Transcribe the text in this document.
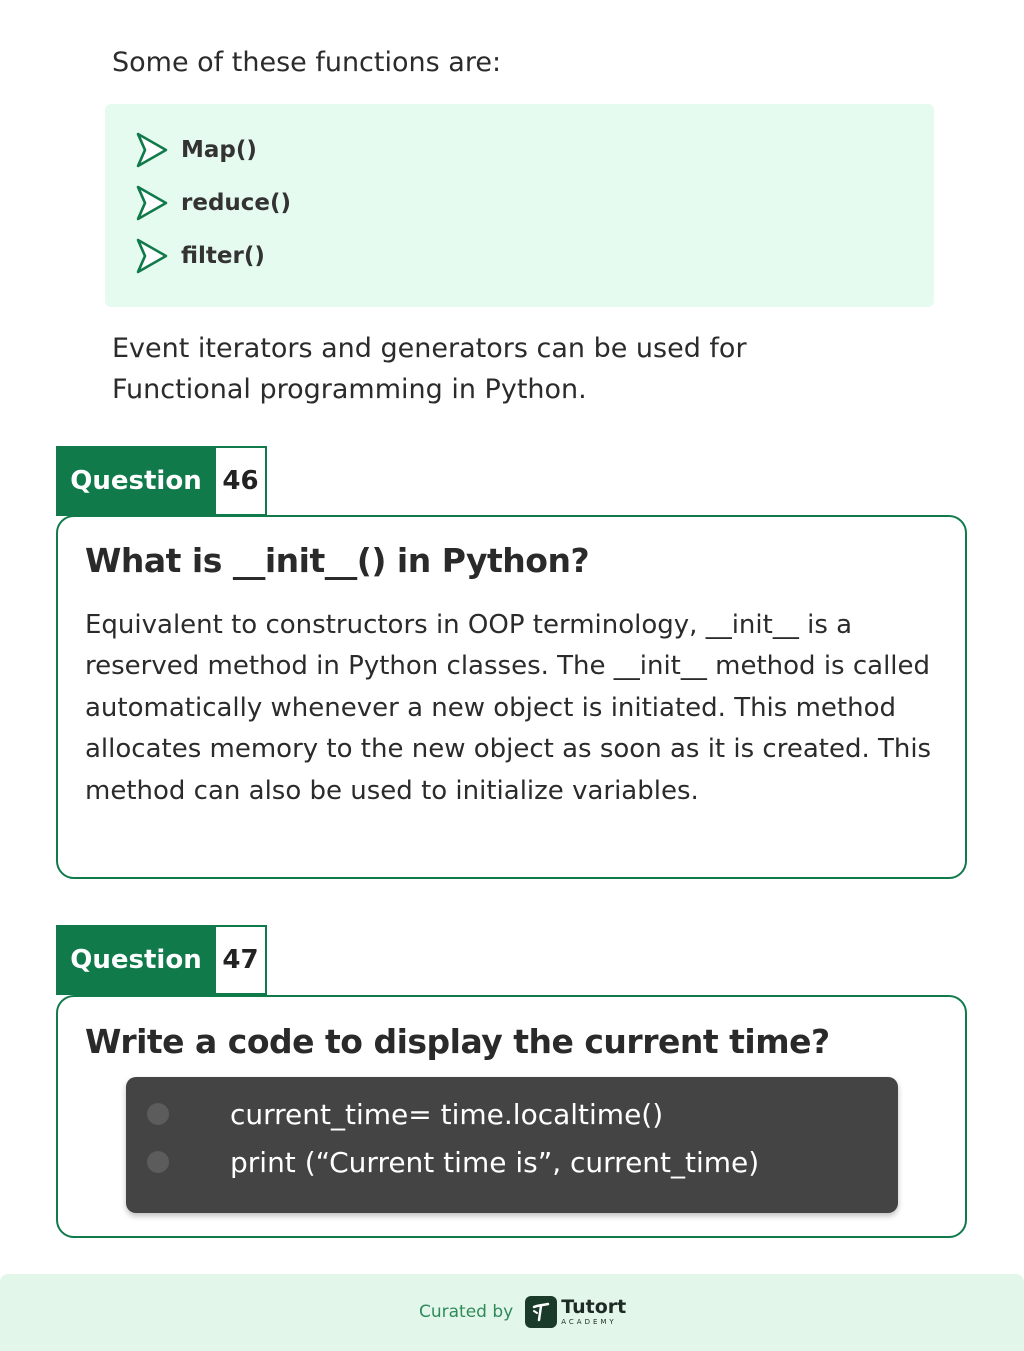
Some of these functions are:

Map()
reduce()
filter()
Event iterators and generators can be used for
Functional programming in Python.
Question 46
What is __init__() in Python?

Equivalent to constructors in OOP terminology, __init__ is a reserved method in Python classes. The __init__ method is called automatically whenever a new object is initiated. This method allocates memory to the new object as soon as it is created. This method can also be used to initialize variables.

Question 47
Write a code to display the current time?
current_time= time.localtime()
print (“Current time is”, current_time)
Curated by	Tutort
ACADEMY
